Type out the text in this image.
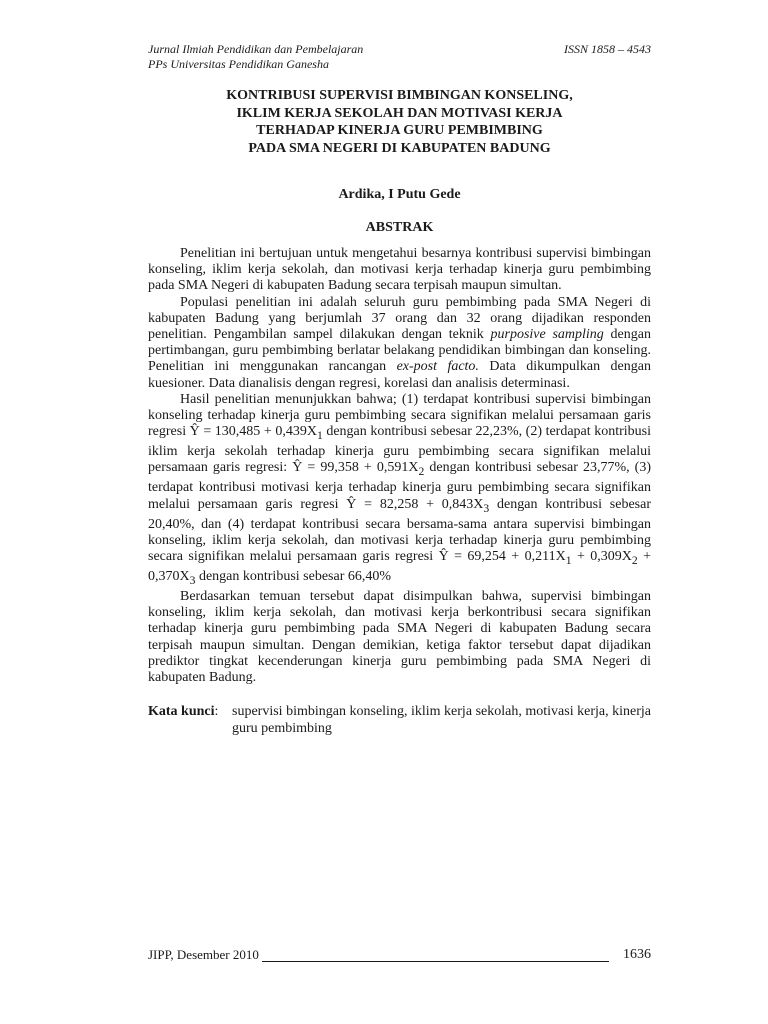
Jurnal Ilmiah Pendidikan dan Pembelajaran
PPs Universitas Pendidikan Ganesha
ISSN 1858 – 4543
KONTRIBUSI SUPERVISI BIMBINGAN KONSELING,
IKLIM KERJA SEKOLAH DAN MOTIVASI KERJA
TERHADAP KINERJA GURU PEMBIMBING
PADA SMA NEGERI DI KABUPATEN BADUNG
Ardika, I Putu Gede
ABSTRAK

Penelitian ini bertujuan untuk mengetahui besarnya kontribusi supervisi bimbingan konseling, iklim kerja sekolah, dan motivasi kerja terhadap kinerja guru pembimbing pada SMA Negeri di kabupaten Badung secara terpisah maupun simultan.

Populasi penelitian ini adalah seluruh guru pembimbing pada SMA Negeri di kabupaten Badung yang berjumlah 37 orang dan 32 orang dijadikan responden penelitian. Pengambilan sampel dilakukan dengan teknik purposive sampling dengan pertimbangan, guru pembimbing berlatar belakang pendidikan bimbingan dan konseling. Penelitian ini menggunakan rancangan ex-post facto. Data dikumpulkan dengan kuesioner. Data dianalisis dengan regresi, korelasi dan analisis determinasi.

Hasil penelitian menunjukkan bahwa; (1) terdapat kontribusi supervisi bimbingan konseling terhadap kinerja guru pembimbing secara signifikan melalui persamaan garis regresi Ŷ = $130,485 + 0,439X_1$ dengan kontribusi sebesar 22,23%, (2) terdapat kontribusi iklim kerja sekolah terhadap kinerja guru pembimbing secara signifikan melalui persamaan garis regresi: Ŷ = $99,358 + 0,591X_2$ dengan kontribusi sebesar 23,77%, (3) terdapat kontribusi motivasi kerja terhadap kinerja guru pembimbing secara signifikan melalui persamaan garis regresi Ŷ = $82,258 + 0,843X_3$ dengan kontribusi sebesar 20,40%, dan (4) terdapat kontribusi secara bersama-sama antara supervisi bimbingan konseling, iklim kerja sekolah, dan motivasi kerja terhadap kinerja guru pembimbing secara signifikan melalui persamaan garis regresi Ŷ = $69,254 + 0,211X_1 + 0,309X_2 + 0,370X_3$ dengan kontribusi sebesar 66,40%

Berdasarkan temuan tersebut dapat disimpulkan bahwa, supervisi bimbingan konseling, iklim kerja sekolah, dan motivasi kerja berkontribusi secara signifikan terhadap kinerja guru pembimbing pada SMA Negeri di kabupaten Badung secara terpisah maupun simultan. Dengan demikian, ketiga faktor tersebut dapat dijadikan prediktor tingkat kecenderungan kinerja guru pembimbing pada SMA Negeri di kabupaten Badung.

Kata kunci: supervisi bimbingan konseling, iklim kerja sekolah, motivasi kerja, kinerja guru pembimbing
JIPP, Desember 2010	1636
